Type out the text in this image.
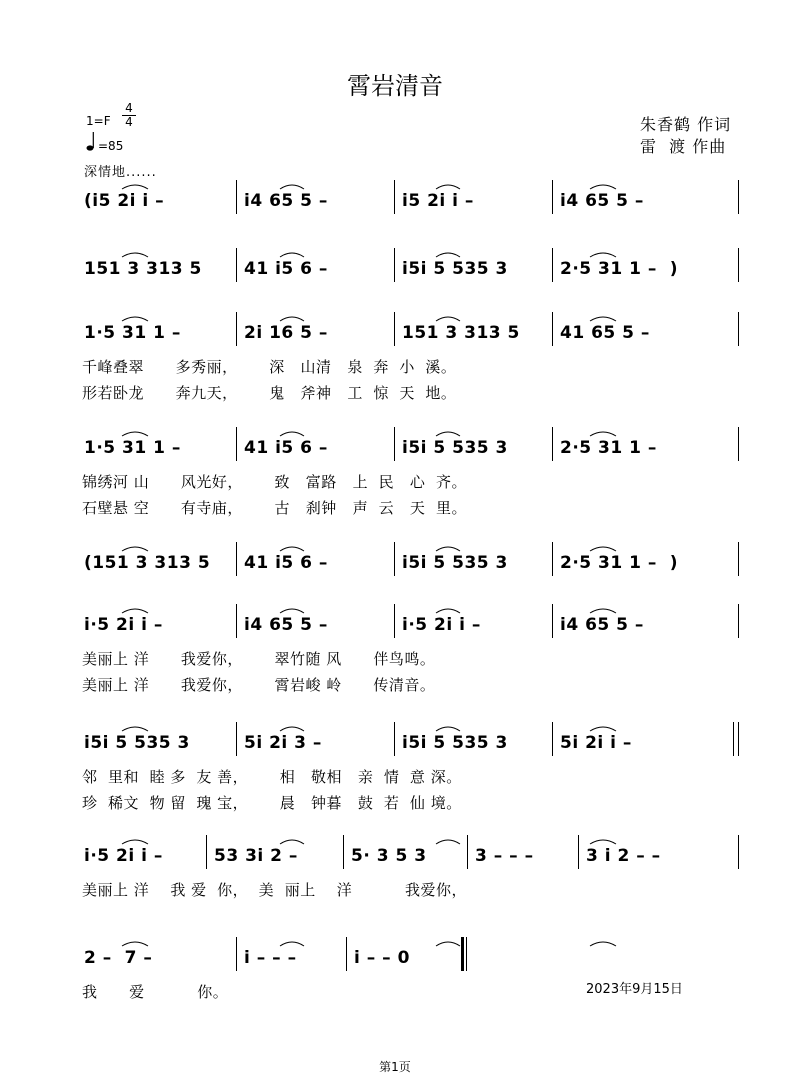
霄岩清音
1=F
4
4
=85
深情地......
朱香鹤 作词
雷  渡 作曲
(i5 2i i –	i4 65 5 –	i5 2i i –	i4 65 5 –
151 3 313 5 41 i5 6 –	i5i 5 535 3	2·5 31 1 –  )
1·5 31 1 –	2i 16 5 –	151 3 313 5 41 65 5 –
千峰叠翠      多秀丽，      深   山清   泉  奔  小  溪。
形若卧龙      奔九天，      鬼   斧神   工  惊  天  地。
1·5 31 1 –	41 i5 6 –	i5i 5 535 3	2·5 31 1 –
锦绣河 山      风光好，      致   富路   上  民   心  齐。
石壁悬 空      有寺庙，      古   刹钟   声  云   天  里。
(151 3 313 5 41 i5 6 –	i5i 5 535 3	2·5 31 1 –  )
i·5 2i i –	i4 65 5 –	i·5 2i i –	i4 65 5 –
美丽上 洋      我爱你，      翠竹随 风      伴鸟鸣。
美丽上 洋      我爱你，      霄岩峻 岭      传清音。
i5i 5 535 3	5i 2i 3 –	i5i 5 535 3	5i 2i i –
邻  里和  睦 多  友 善，      相   敬相   亲  情  意 深。
珍  稀文  物 留  瑰 宝，      晨   钟暮   鼓  若  仙 境。
i·5 2i i –	53 3i 2 –	5· 3 5 3	3 – – –	3 i 2 – –
美丽上 洋    我 爱  你，  美  丽上    洋          我爱你，
2 –  7 –	i – – –	i – – 0
我      爱          你。	2023年9月15日
第1页
